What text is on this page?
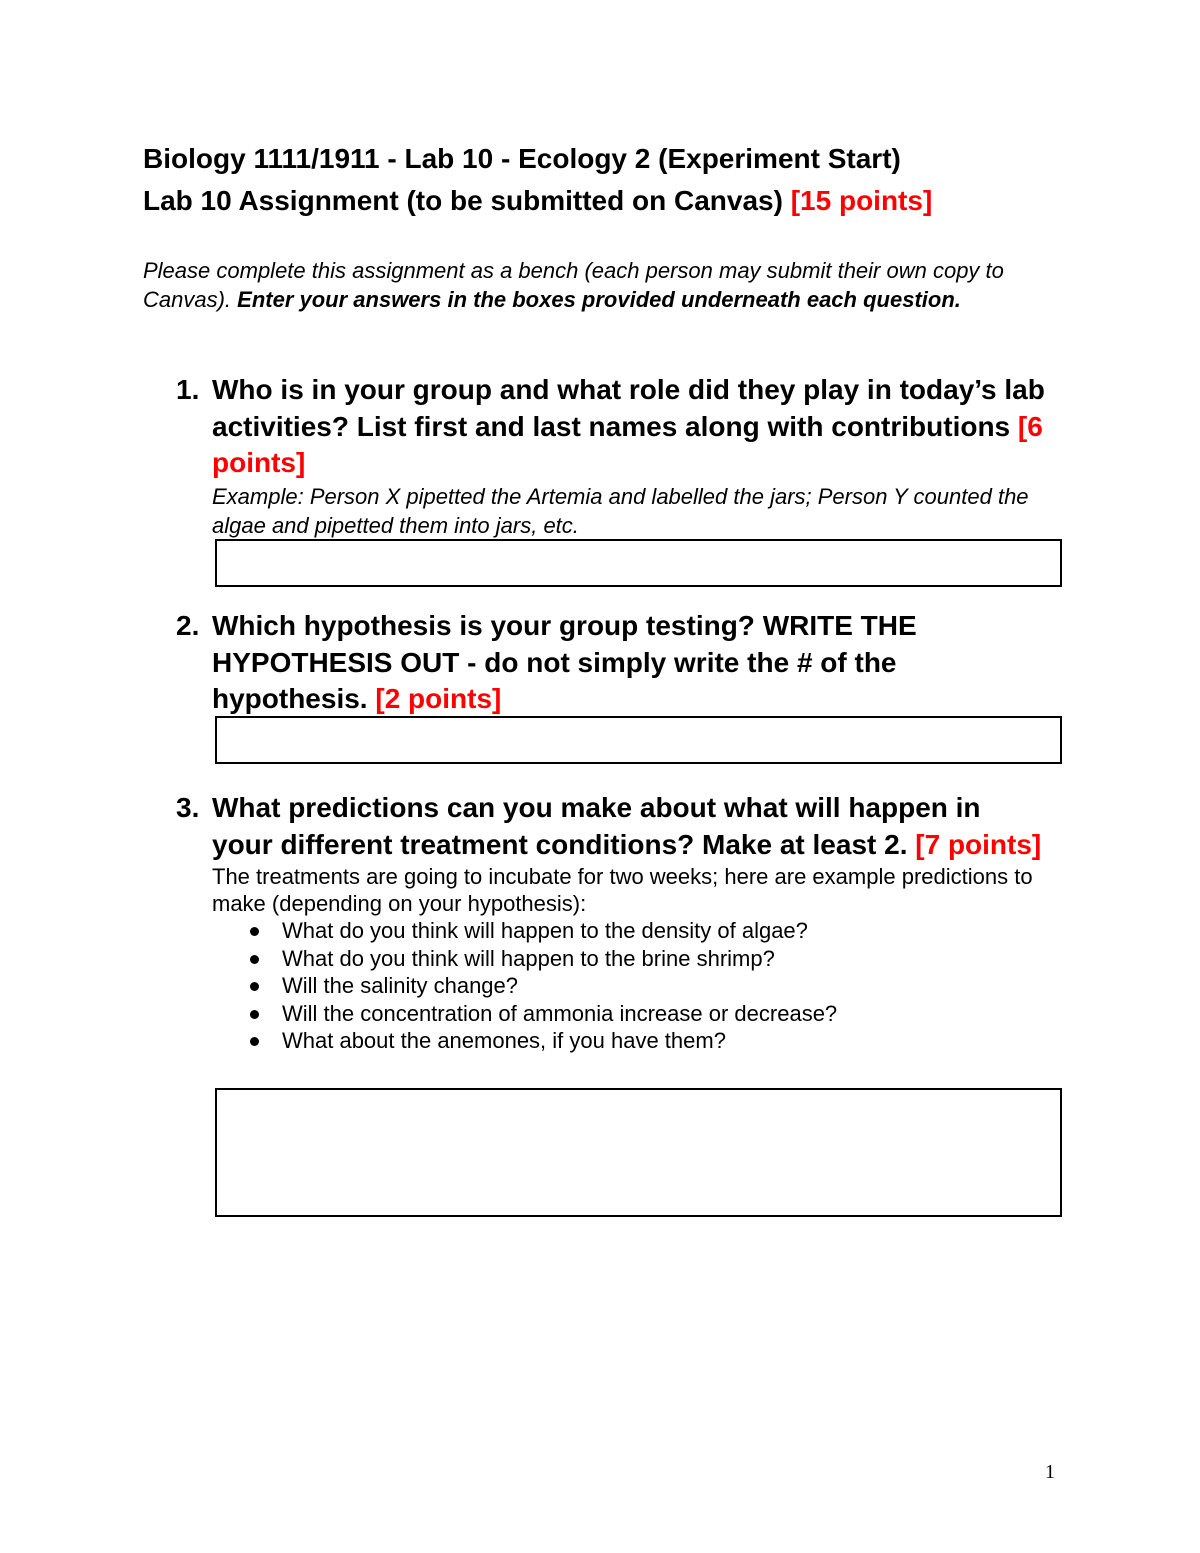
Biology 1111/1911 - Lab 10 - Ecology 2 (Experiment Start)
Lab 10 Assignment (to be submitted on Canvas) [15 points]
Please complete this assignment as a bench (each person may submit their own copy to Canvas). Enter your answers in the boxes provided underneath each question.
1. Who is in your group and what role did they play in today’s lab activities? List first and last names along with contributions [6 points]
Example: Person X pipetted the Artemia and labelled the jars; Person Y counted the algae and pipetted them into jars, etc.
2. Which hypothesis is your group testing? WRITE THE HYPOTHESIS OUT - do not simply write the # of the hypothesis. [2 points]
3. What predictions can you make about what will happen in your different treatment conditions? Make at least 2. [7 points]
The treatments are going to incubate for two weeks; here are example predictions to make (depending on your hypothesis):
What do you think will happen to the density of algae?
What do you think will happen to the brine shrimp?
Will the salinity change?
Will the concentration of ammonia increase or decrease?
What about the anemones, if you have them?
1
